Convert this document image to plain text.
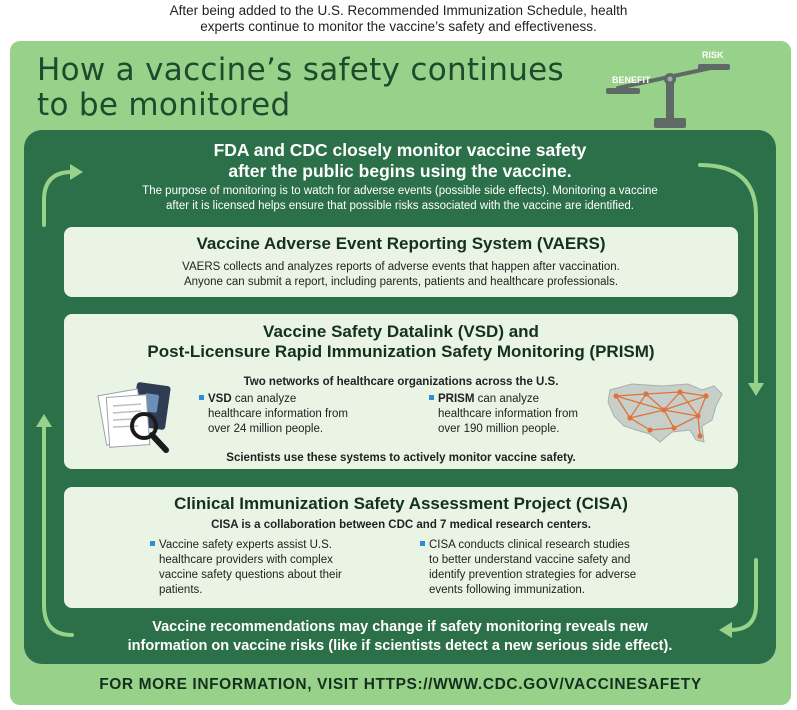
After being added to the U.S. Recommended Immunization Schedule, health
experts continue to monitor the vaccine’s safety and effectiveness.
How a vaccine’s safety continues
to be monitored
BENEFIT
RISK
FDA and CDC closely monitor vaccine safety
after the public begins using the vaccine.
The purpose of monitoring is to watch for adverse events (possible side effects). Monitoring a vaccine
after it is licensed helps ensure that possible risks associated with the vaccine are identified.
Vaccine Adverse Event Reporting System (VAERS)
VAERS collects and analyzes reports of adverse events that happen after vaccination.
Anyone can submit a report, including parents, patients and healthcare professionals.
Vaccine Safety Datalink (VSD) and
Post-Licensure Rapid Immunization Safety Monitoring (PRISM)
Two networks of healthcare organizations across the U.S.
VSD can analyze
healthcare information from
over 24 million people.
PRISM can analyze
healthcare information from
over 190 million people.
Scientists use these systems to actively monitor vaccine safety.
Clinical Immunization Safety Assessment Project (CISA)
CISA is a collaboration between CDC and 7 medical research centers.
Vaccine safety experts assist U.S.
healthcare providers with complex
vaccine safety questions about their
patients.
CISA conducts clinical research studies
to better understand vaccine safety and
identify prevention strategies for adverse
events following immunization.
Vaccine recommendations may change if safety monitoring reveals new
information on vaccine risks (like if scientists detect a new serious side effect).
FOR MORE INFORMATION, VISIT HTTPS://WWW.CDC.GOV/VACCINESAFETY
